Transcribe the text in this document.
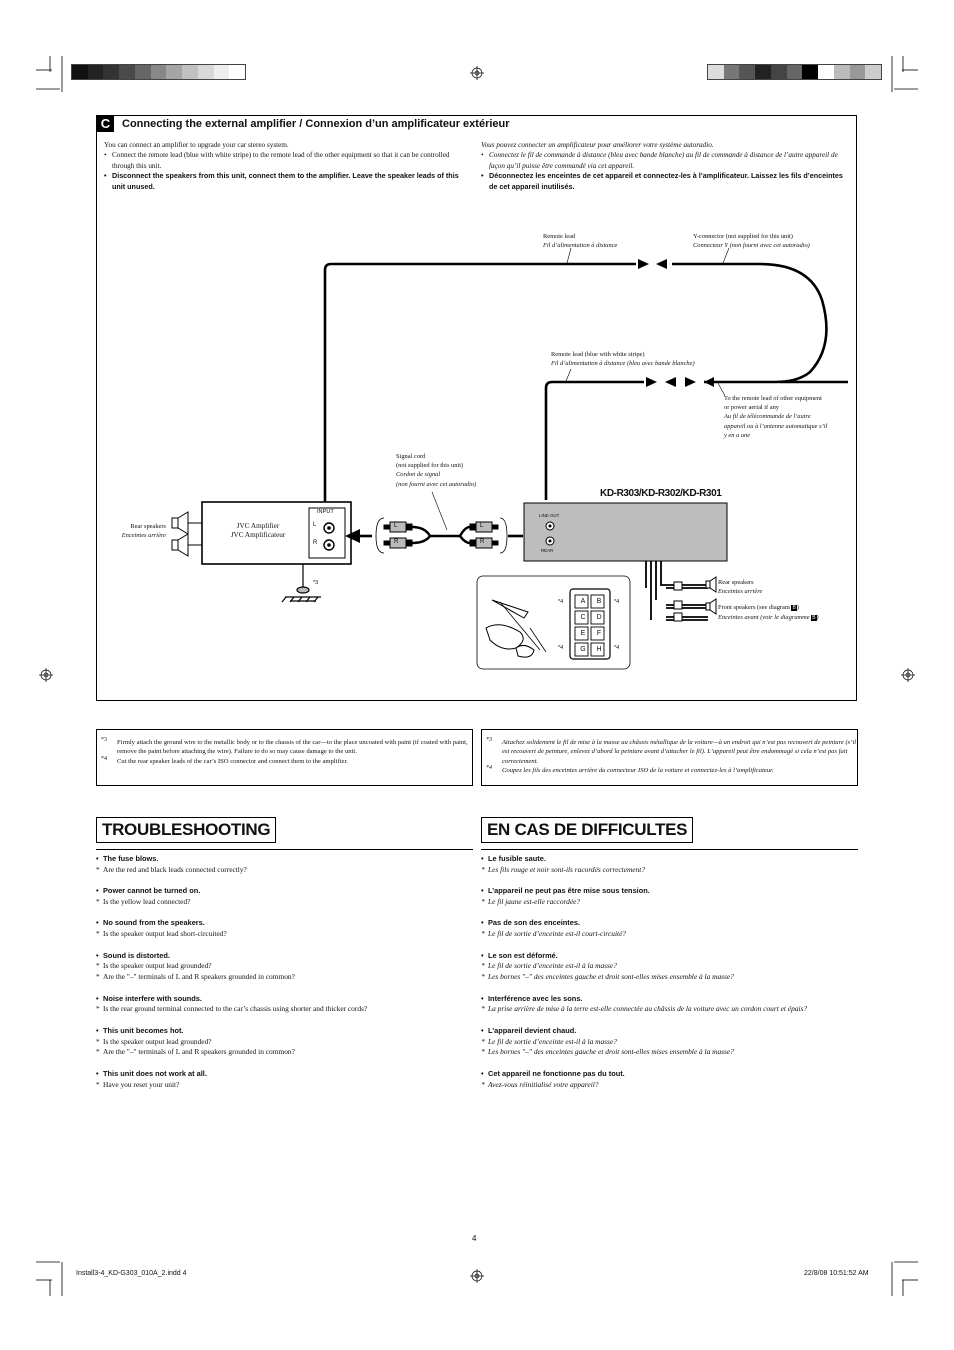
C	Connecting the external amplifier / Connexion d’un amplificateur extérieur
You can connect an amplifier to upgrade your car stereo system.
• Connect the remote lead (blue with white stripe) to the remote lead of the other equipment so that it can be controlled through this unit.
• Disconnect the speakers from this unit, connect them to the amplifier. Leave the speaker leads of this unit unused.
Vous pouvez connecter un amplificateur pour améliorer votre système autoradio.
• Connectez le fil de commande à distance (bleu avec bande blanche) au fil de commande à distance de l’autre appareil de façon qu’il puisse être commandé via cet appareil.
• Déconnectez les enceintes de cet appareil et connectez-les à l’amplificateur. Laissez les fils d’enceintes de cet appareil inutilisés.
Remote lead
Fil d’alimentation à distance
Y-connector (not supplied for this unit)
Connecteur Y (non fourni avec cet autoradio)
Remote lead (blue with white stripe)
Fil d’alimentation à distance (bleu avec bande blanche)
To the remote lead of other equipment
or power aerial if any
Au fil de télécommande de l’autre
appareil ou à l’antenne automatique s’il
y en a une
Signal cord
(not supplied for this unit)
Cordon de signal
(non fourni avec cet autoradio)
KD-R303/KD-R302/KD-R301
Rear speakers
Enceintes arrière
JVC Amplifier
JVC Amplificateur
INPUT
L
R
L
R
L
R
LINE OUT
REAR
*3
*4	*4
*4	*4
A	B
C	D
E	F
G	H
Rear speakers
Enceintes arrière
Front speakers (see diagram B)
Enceintes avant (voir le diagramme B)
*3 Firmly attach the ground wire to the metallic body or to the chassis of the car—to the place uncoated with paint (if coated with paint, remove the paint before attaching the wire). Failure to do so may cause damage to the unit.
*4 Cut the rear speaker leads of the car’s ISO connector and connect them to the amplifier.
*3 Attachez solidement le fil de mise à la masse au châssis métallique de la voiture—à un endroit qui n’est pas recouvert de peinture (s’il est recouvert de peinture, enlevez d’abord la peinture avant d’attacher le fil). L’appareil peut être endommagé si cela n’est pas fait correctement.
*4 Coupez les fils des enceintes arrière du connecteur ISO de la voiture et connectez-les à l’amplificateur.
TROUBLESHOOTING
• The fuse blows.
* Are the red and black leads connected correctly?
• Power cannot be turned on.
* Is the yellow lead connected?
• No sound from the speakers.
* Is the speaker output lead short-circuited?
• Sound is distorted.
* Is the speaker output lead grounded?
* Are the "–" terminals of L and R speakers grounded in common?
• Noise interfere with sounds.
* Is the rear ground terminal connected to the car’s chassis using shorter and thicker cords?
• This unit becomes hot.
* Is the speaker output lead grounded?
* Are the "–" terminals of L and R speakers grounded in common?
• This unit does not work at all.
* Have you reset your unit?
EN CAS DE DIFFICULTES
• Le fusible saute.
* Les fils rouge et noir sont-ils racordés correctement?
• L’appareil ne peut pas être mise sous tension.
* Le fil jaune est-elle raccordée?
• Pas de son des enceintes.
* Le fil de sortie d’enceinte est-il court-circuité?
• Le son est déformé.
* Le fil de sortie d’enceinte est-il à la masse?
* Les bornes "–" des enceintes gauche et droit sont-elles mises ensemble à la masse?
• Interférence avec les sons.
* La prise arrière de mise à la terre est-elle connectée au châssis de la voiture avec un cordon court et épais?
• L’appareil devient chaud.
* Le fil de sortie d’enceinte est-il à la masse?
* Les bornes "–" des enceintes gauche et droit sont-elles mises ensemble à la masse?
• Cet appareil ne fonctionne pas du tout.
* Avez-vous réinitialisé votre appareil?
4
Install3-4_KD-G303_010A_2.indd 4	22/8/08 10:51:52 AM
